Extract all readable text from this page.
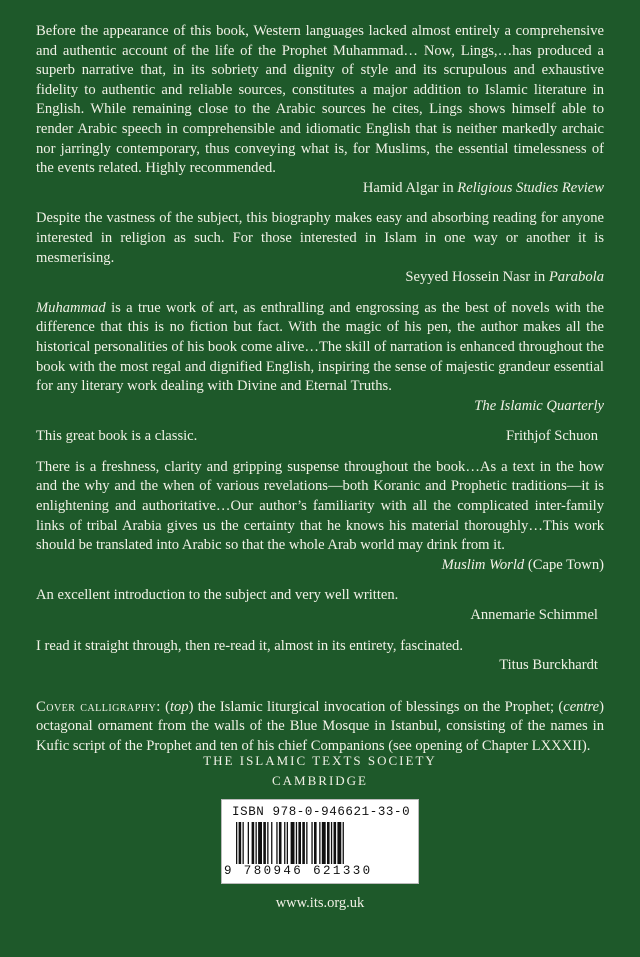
Before the appearance of this book, Western languages lacked almost entirely a comprehensive and authentic account of the life of the Prophet Muhammad… Now, Lings,…has produced a superb narrative that, in its sobriety and dignity of style and its scrupulous and exhaustive fidelity to authentic and reliable sources, constitutes a major addition to Islamic literature in English. While remaining close to the Arabic sources he cites, Lings shows himself able to render Arabic speech in comprehensible and idiomatic English that is neither markedly archaic nor jarringly contemporary, thus conveying what is, for Muslims, the essential timelessness of the events related. Highly recommended.

Hamid Algar in Religious Studies Review

Despite the vastness of the subject, this biography makes easy and absorbing reading for anyone interested in religion as such. For those interested in Islam in one way or another it is mesmerising.

Seyyed Hossein Nasr in Parabola

Muhammad is a true work of art, as enthralling and engrossing as the best of novels with the difference that this is no fiction but fact. With the magic of his pen, the author makes all the historical personalities of his book come alive…The skill of narration is enhanced throughout the book with the most regal and dignified English, inspiring the sense of majestic grandeur essential for any literary work dealing with Divine and Eternal Truths.

The Islamic Quarterly

This great book is a classic.	Frithjof Schuon

There is a freshness, clarity and gripping suspense throughout the book…As a text in the how and the why and the when of various revelations—both Koranic and Prophetic traditions—it is enlightening and authoritative…Our author’s familiarity with all the complicated inter-family links of tribal Arabia gives us the certainty that he knows his material thoroughly…This work should be translated into Arabic so that the whole Arab world may drink from it.

Muslim World (Cape Town)

An excellent introduction to the subject and very well written.

Annemarie Schimmel

I read it straight through, then re-read it, almost in its entirety, fascinated.

Titus Burckhardt

Cover calligraphy: (top) the Islamic liturgical invocation of blessings on the Prophet; (centre) octagonal ornament from the walls of the Blue Mosque in Istanbul, consisting of the names in Kufic script of the Prophet and ten of his chief Companions (see opening of Chapter LXXXII).

THE ISLAMIC TEXTS SOCIETY
CAMBRIDGE
ISBN 978-0-946621-33-0
9 780946 621330
www.its.org.uk
